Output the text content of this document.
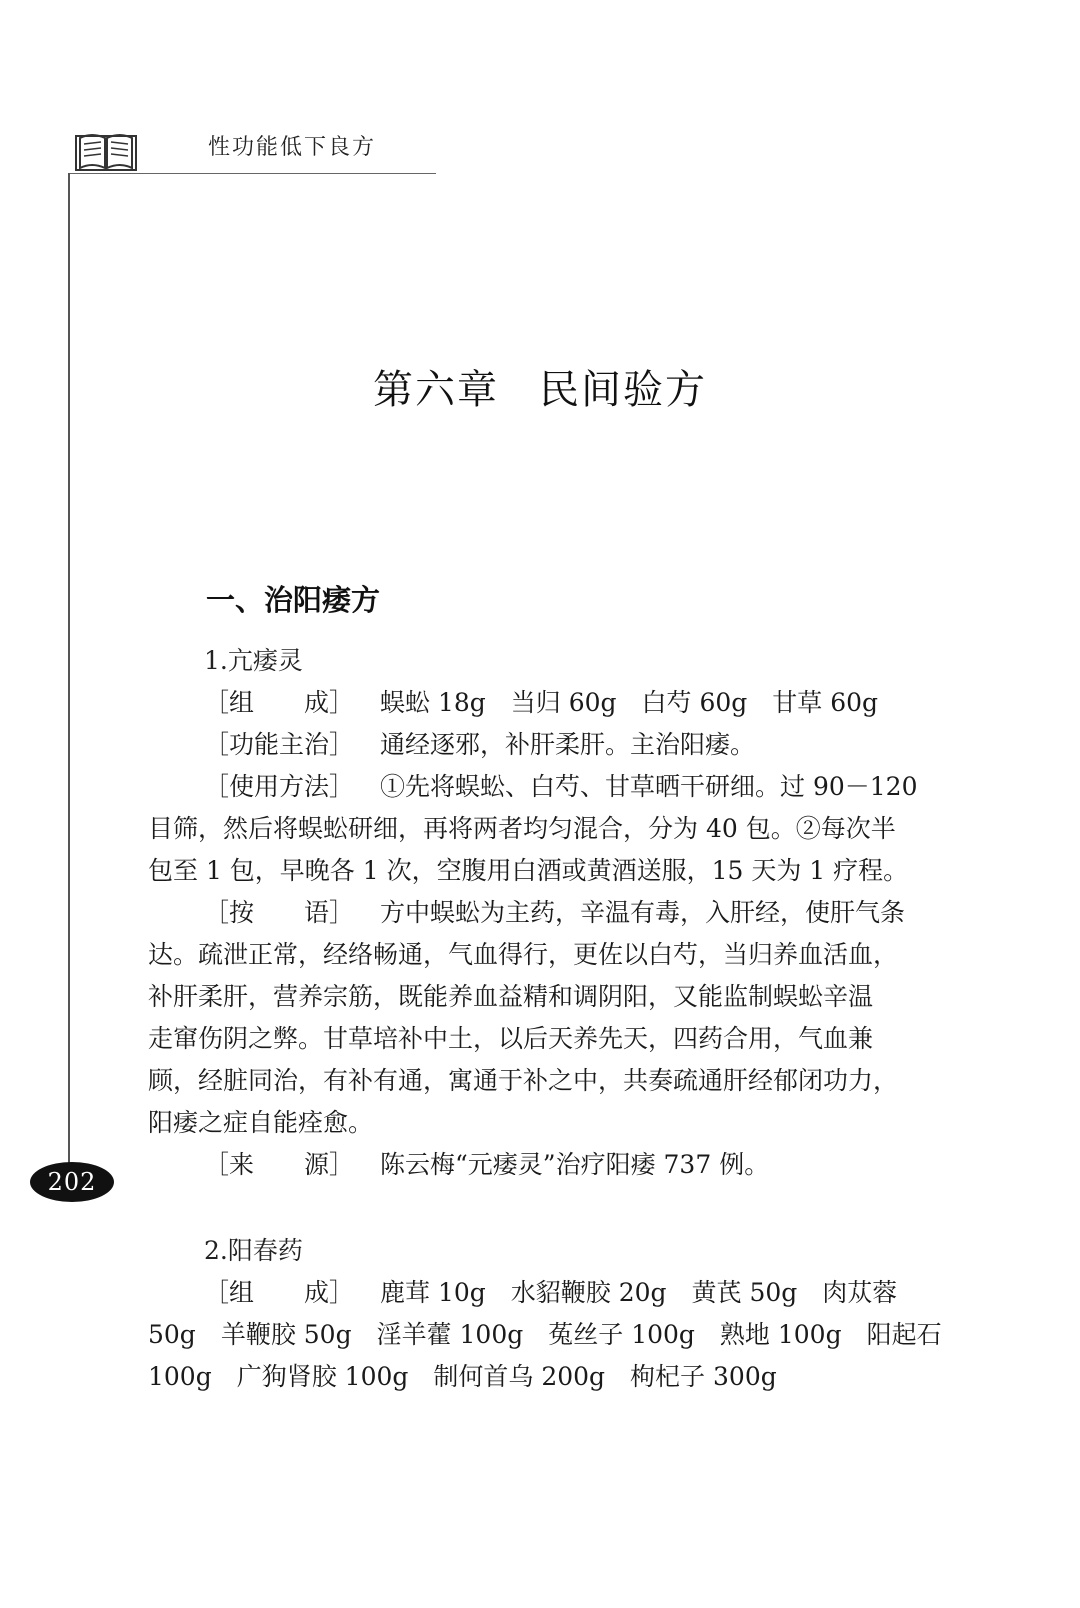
性功能低下良方
202
第六章 民间验方
一、治阳痿方
1.亢痿灵
［组　　成］ 蜈蚣 18g　当归 60g　白芍 60g　甘草 60g
［功能主治］ 通经逐邪，补肝柔肝。主治阳痿。
［使用方法］ ①先将蜈蚣、白芍、甘草晒干研细。过 90－120
目筛，然后将蜈蚣研细，再将两者均匀混合，分为 40 包。②每次半
包至 1 包，早晚各 1 次，空腹用白酒或黄酒送服，15 天为 1 疗程。
［按　　语］ 方中蜈蚣为主药，辛温有毒，入肝经，使肝气条
达。疏泄正常，经络畅通，气血得行，更佐以白芍，当归养血活血，
补肝柔肝，营养宗筋，既能养血益精和调阴阳，又能监制蜈蚣辛温
走窜伤阴之弊。甘草培补中土，以后天养先天，四药合用，气血兼
顾，经脏同治，有补有通，寓通于补之中，共奏疏通肝经郁闭功力，
阳痿之症自能痊愈。
［来　　源］ 陈云梅“元痿灵”治疗阳痿 737 例。
2.阳春药
［组　　成］ 鹿茸 10g　水貂鞭胶 20g　黄芪 50g　肉苁蓉
50g　羊鞭胶 50g　淫羊藿 100g　菟丝子 100g　熟地 100g　阳起石
100g　广狗肾胶 100g　制何首乌 200g　枸杞子 300g
